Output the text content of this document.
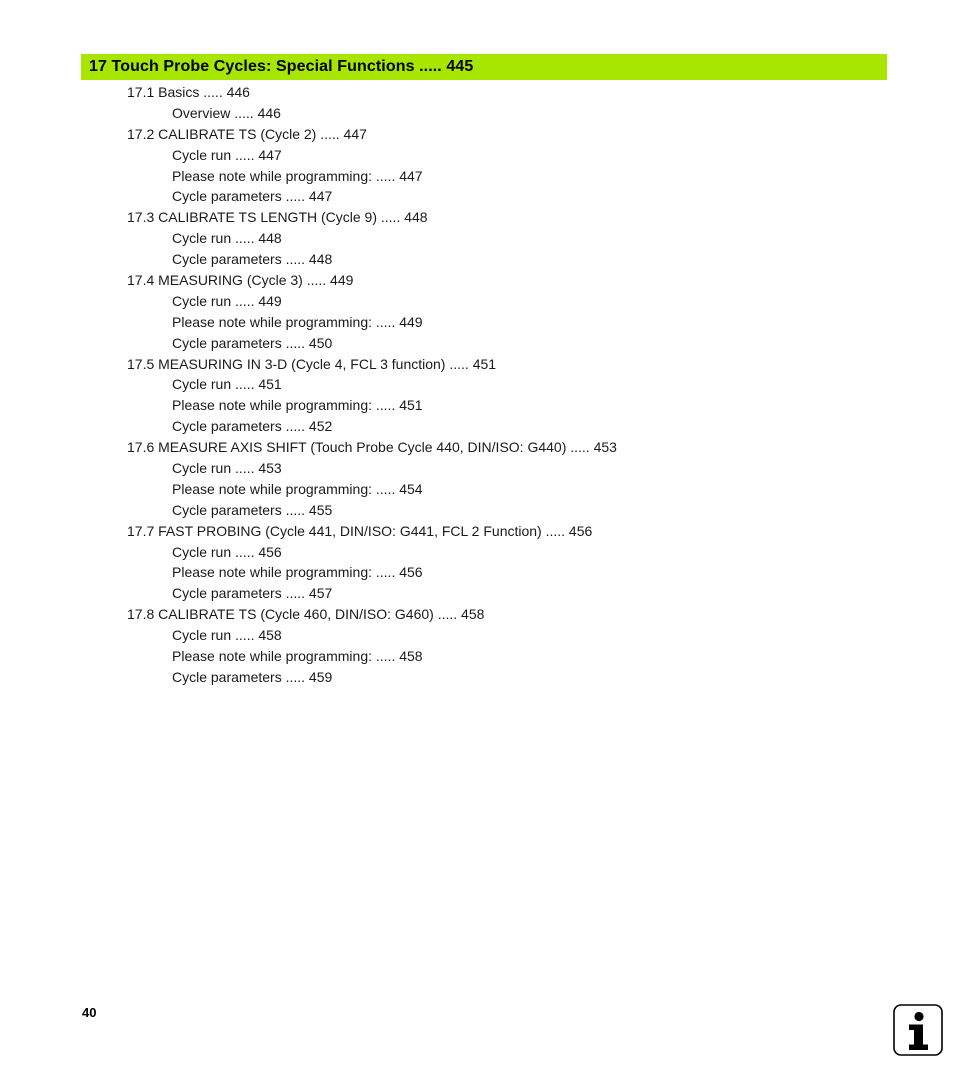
17 Touch Probe Cycles: Special Functions ..... 445
17.1 Basics ..... 446
Overview ..... 446
17.2 CALIBRATE TS (Cycle 2) ..... 447
Cycle run ..... 447
Please note while programming: ..... 447
Cycle parameters ..... 447
17.3 CALIBRATE TS LENGTH (Cycle 9) ..... 448
Cycle run ..... 448
Cycle parameters ..... 448
17.4 MEASURING (Cycle 3) ..... 449
Cycle run ..... 449
Please note while programming: ..... 449
Cycle parameters ..... 450
17.5 MEASURING IN 3-D (Cycle 4, FCL 3 function) ..... 451
Cycle run ..... 451
Please note while programming: ..... 451
Cycle parameters ..... 452
17.6 MEASURE AXIS SHIFT (Touch Probe Cycle 440, DIN/ISO: G440) ..... 453
Cycle run ..... 453
Please note while programming: ..... 454
Cycle parameters ..... 455
17.7 FAST PROBING (Cycle 441, DIN/ISO: G441, FCL 2 Function) ..... 456
Cycle run ..... 456
Please note while programming: ..... 456
Cycle parameters ..... 457
17.8 CALIBRATE TS (Cycle 460, DIN/ISO: G460) ..... 458
Cycle run ..... 458
Please note while programming: ..... 458
Cycle parameters ..... 459
40
